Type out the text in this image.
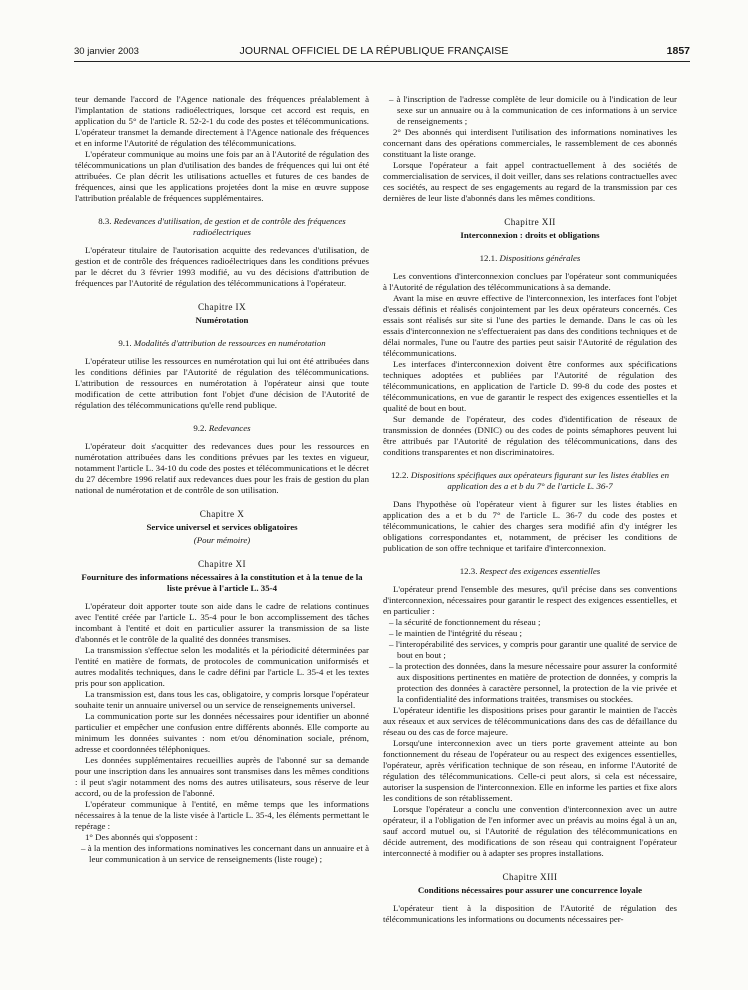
30 janvier 2003	JOURNAL OFFICIEL DE LA RÉPUBLIQUE FRANÇAISE	1857

teur demande l'accord de l'Agence nationale des fréquences préalablement à l'implantation de stations radioélectriques, lorsque cet accord est requis, en application du 5° de l'article R. 52-2-1 du code des postes et télécommunications. L'opérateur transmet la demande directement à l'Agence nationale des fréquences et en informe l'Autorité de régulation des télécommunications.

L'opérateur communique au moins une fois par an à l'Autorité de régulation des télécommunications un plan d'utilisation des bandes de fréquences qui lui ont été attribuées. Ce plan décrit les utilisations actuelles et futures de ces bandes de fréquences, ainsi que les applications projetées dont la mise en œuvre suppose l'attribution préalable de fréquences supplémentaires.

8.3. Redevances d'utilisation, de gestion et de contrôle des fréquences radioélectriques

L'opérateur titulaire de l'autorisation acquitte des redevances d'utilisation, de gestion et de contrôle des fréquences radioélectriques dans les conditions prévues par le décret du 3 février 1993 modifié, au vu des décisions d'attribution de fréquences par l'Autorité de régulation des télécommunications à l'opérateur.

Chapitre IX
Numérotation
9.1. Modalités d'attribution de ressources en numérotation

L'opérateur utilise les ressources en numérotation qui lui ont été attribuées dans les conditions définies par l'Autorité de régulation des télécommunications. L'attribution de ressources en numérotation à l'opérateur ainsi que toute modification de cette attribution font l'objet d'une décision de l'Autorité de régulation des télécommunications qu'elle rend publique.

9.2. Redevances

L'opérateur doit s'acquitter des redevances dues pour les ressources en numérotation attribuées dans les conditions prévues par les textes en vigueur, notamment l'article L. 34-10 du code des postes et télécommunications et le décret du 27 décembre 1996 relatif aux redevances dues pour les frais de gestion du plan national de numérotation et de contrôle de son utilisation.

Chapitre X
Service universel et services obligatoires
(Pour mémoire)
Chapitre XI
Fourniture des informations nécessaires à la constitution et à la tenue de la liste prévue à l'article L. 35-4

L'opérateur doit apporter toute son aide dans le cadre de relations continues avec l'entité créée par l'article L. 35-4 pour le bon accomplissement des tâches incombant à l'entité et doit en particulier assurer la transmission de sa liste d'abonnés et le contrôle de la qualité des données transmises.

La transmission s'effectue selon les modalités et la périodicité déterminées par l'entité en matière de formats, de protocoles de communication uniformisés et autres modalités techniques, dans le cadre défini par l'article L. 35-4 et les textes pris pour son application.

La transmission est, dans tous les cas, obligatoire, y compris lorsque l'opérateur souhaite tenir un annuaire universel ou un service de renseignements universel.

La communication porte sur les données nécessaires pour identifier un abonné particulier et empêcher une confusion entre différents abonnés. Elle comporte au minimum les données suivantes : nom et/ou dénomination sociale, prénom, adresse et coordonnées téléphoniques.

Les données supplémentaires recueillies auprès de l'abonné sur sa demande pour une inscription dans les annuaires sont transmises dans les mêmes conditions : il peut s'agir notamment des noms des autres utilisateurs, sous réserve de leur accord, ou de la profession de l'abonné.

L'opérateur communique à l'entité, en même temps que les informations nécessaires à la tenue de la liste visée à l'article L. 35-4, les éléments permettant le repérage :

1° Des abonnés qui s'opposent :

– à la mention des informations nominatives les concernant dans un annuaire et à leur communication à un service de renseignements (liste rouge) ;

– à l'inscription de l'adresse complète de leur domicile ou à l'indication de leur sexe sur un annuaire ou à la communication de ces informations à un service de renseignements ;

2° Des abonnés qui interdisent l'utilisation des informations nominatives les concernant dans des opérations commerciales, le rassemblement de ces abonnés constituant la liste orange.

Lorsque l'opérateur a fait appel contractuellement à des sociétés de commercialisation de services, il doit veiller, dans ses relations contractuelles avec ces sociétés, au respect de ses engagements au regard de la transmission par ces dernières de leur liste d'abonnés dans les mêmes conditions.

Chapitre XII
Interconnexion : droits et obligations
12.1. Dispositions générales

Les conventions d'interconnexion conclues par l'opérateur sont communiquées à l'Autorité de régulation des télécommunications à sa demande.

Avant la mise en œuvre effective de l'interconnexion, les interfaces font l'objet d'essais définis et réalisés conjointement par les deux opérateurs concernés. Ces essais sont réalisés sur site si l'une des parties le demande. Dans le cas où les essais d'interconnexion ne s'effectueraient pas dans des conditions techniques et de délai normales, l'une ou l'autre des parties peut saisir l'Autorité de régulation des télécommunications.

Les interfaces d'interconnexion doivent être conformes aux spécifications techniques adoptées et publiées par l'Autorité de régulation des télécommunications, en application de l'article D. 99-8 du code des postes et télécommunications, en vue de garantir le respect des exigences essentielles et la qualité de bout en bout.

Sur demande de l'opérateur, des codes d'identification de réseaux de transmission de données (DNIC) ou des codes de points sémaphores peuvent lui être attribués par l'Autorité de régulation des télécommunications, dans des conditions transparentes et non discriminatoires.

12.2. Dispositions spécifiques aux opérateurs figurant sur les listes établies en application des a et b du 7° de l'article L. 36-7

Dans l'hypothèse où l'opérateur vient à figurer sur les listes établies en application des a et b du 7° de l'article L. 36-7 du code des postes et télécommunications, le cahier des charges sera modifié afin d'y intégrer les obligations correspondantes et, notamment, de préciser les conditions de publication de son offre technique et tarifaire d'interconnexion.

12.3. Respect des exigences essentielles

L'opérateur prend l'ensemble des mesures, qu'il précise dans ses conventions d'interconnexion, nécessaires pour garantir le respect des exigences essentielles, et en particulier :

– la sécurité de fonctionnement du réseau ;

– le maintien de l'intégrité du réseau ;

– l'interopérabilité des services, y compris pour garantir une qualité de service de bout en bout ;

– la protection des données, dans la mesure nécessaire pour assurer la conformité aux dispositions pertinentes en matière de protection de données, y compris la protection des données à caractère personnel, la protection de la vie privée et la confidentialité des informations traitées, transmises ou stockées.

L'opérateur identifie les dispositions prises pour garantir le maintien de l'accès aux réseaux et aux services de télécommunications dans des cas de défaillance du réseau ou des cas de force majeure.

Lorsqu'une interconnexion avec un tiers porte gravement atteinte au bon fonctionnement du réseau de l'opérateur ou au respect des exigences essentielles, l'opérateur, après vérification technique de son réseau, en informe l'Autorité de régulation des télécommunications. Celle-ci peut alors, si cela est nécessaire, autoriser la suspension de l'interconnexion. Elle en informe les parties et fixe alors les conditions de son rétablissement.

Lorsque l'opérateur a conclu une convention d'interconnexion avec un autre opérateur, il a l'obligation de l'en informer avec un préavis au moins égal à un an, sauf accord mutuel ou, si l'Autorité de régulation des télécommunications en décide autrement, des modifications de son réseau qui contraignent l'opérateur interconnecté à modifier ou à adapter ses propres installations.

Chapitre XIII
Conditions nécessaires pour assurer une concurrence loyale

L'opérateur tient à la disposition de l'Autorité de régulation des télécommunications les informations ou documents nécessaires per-
